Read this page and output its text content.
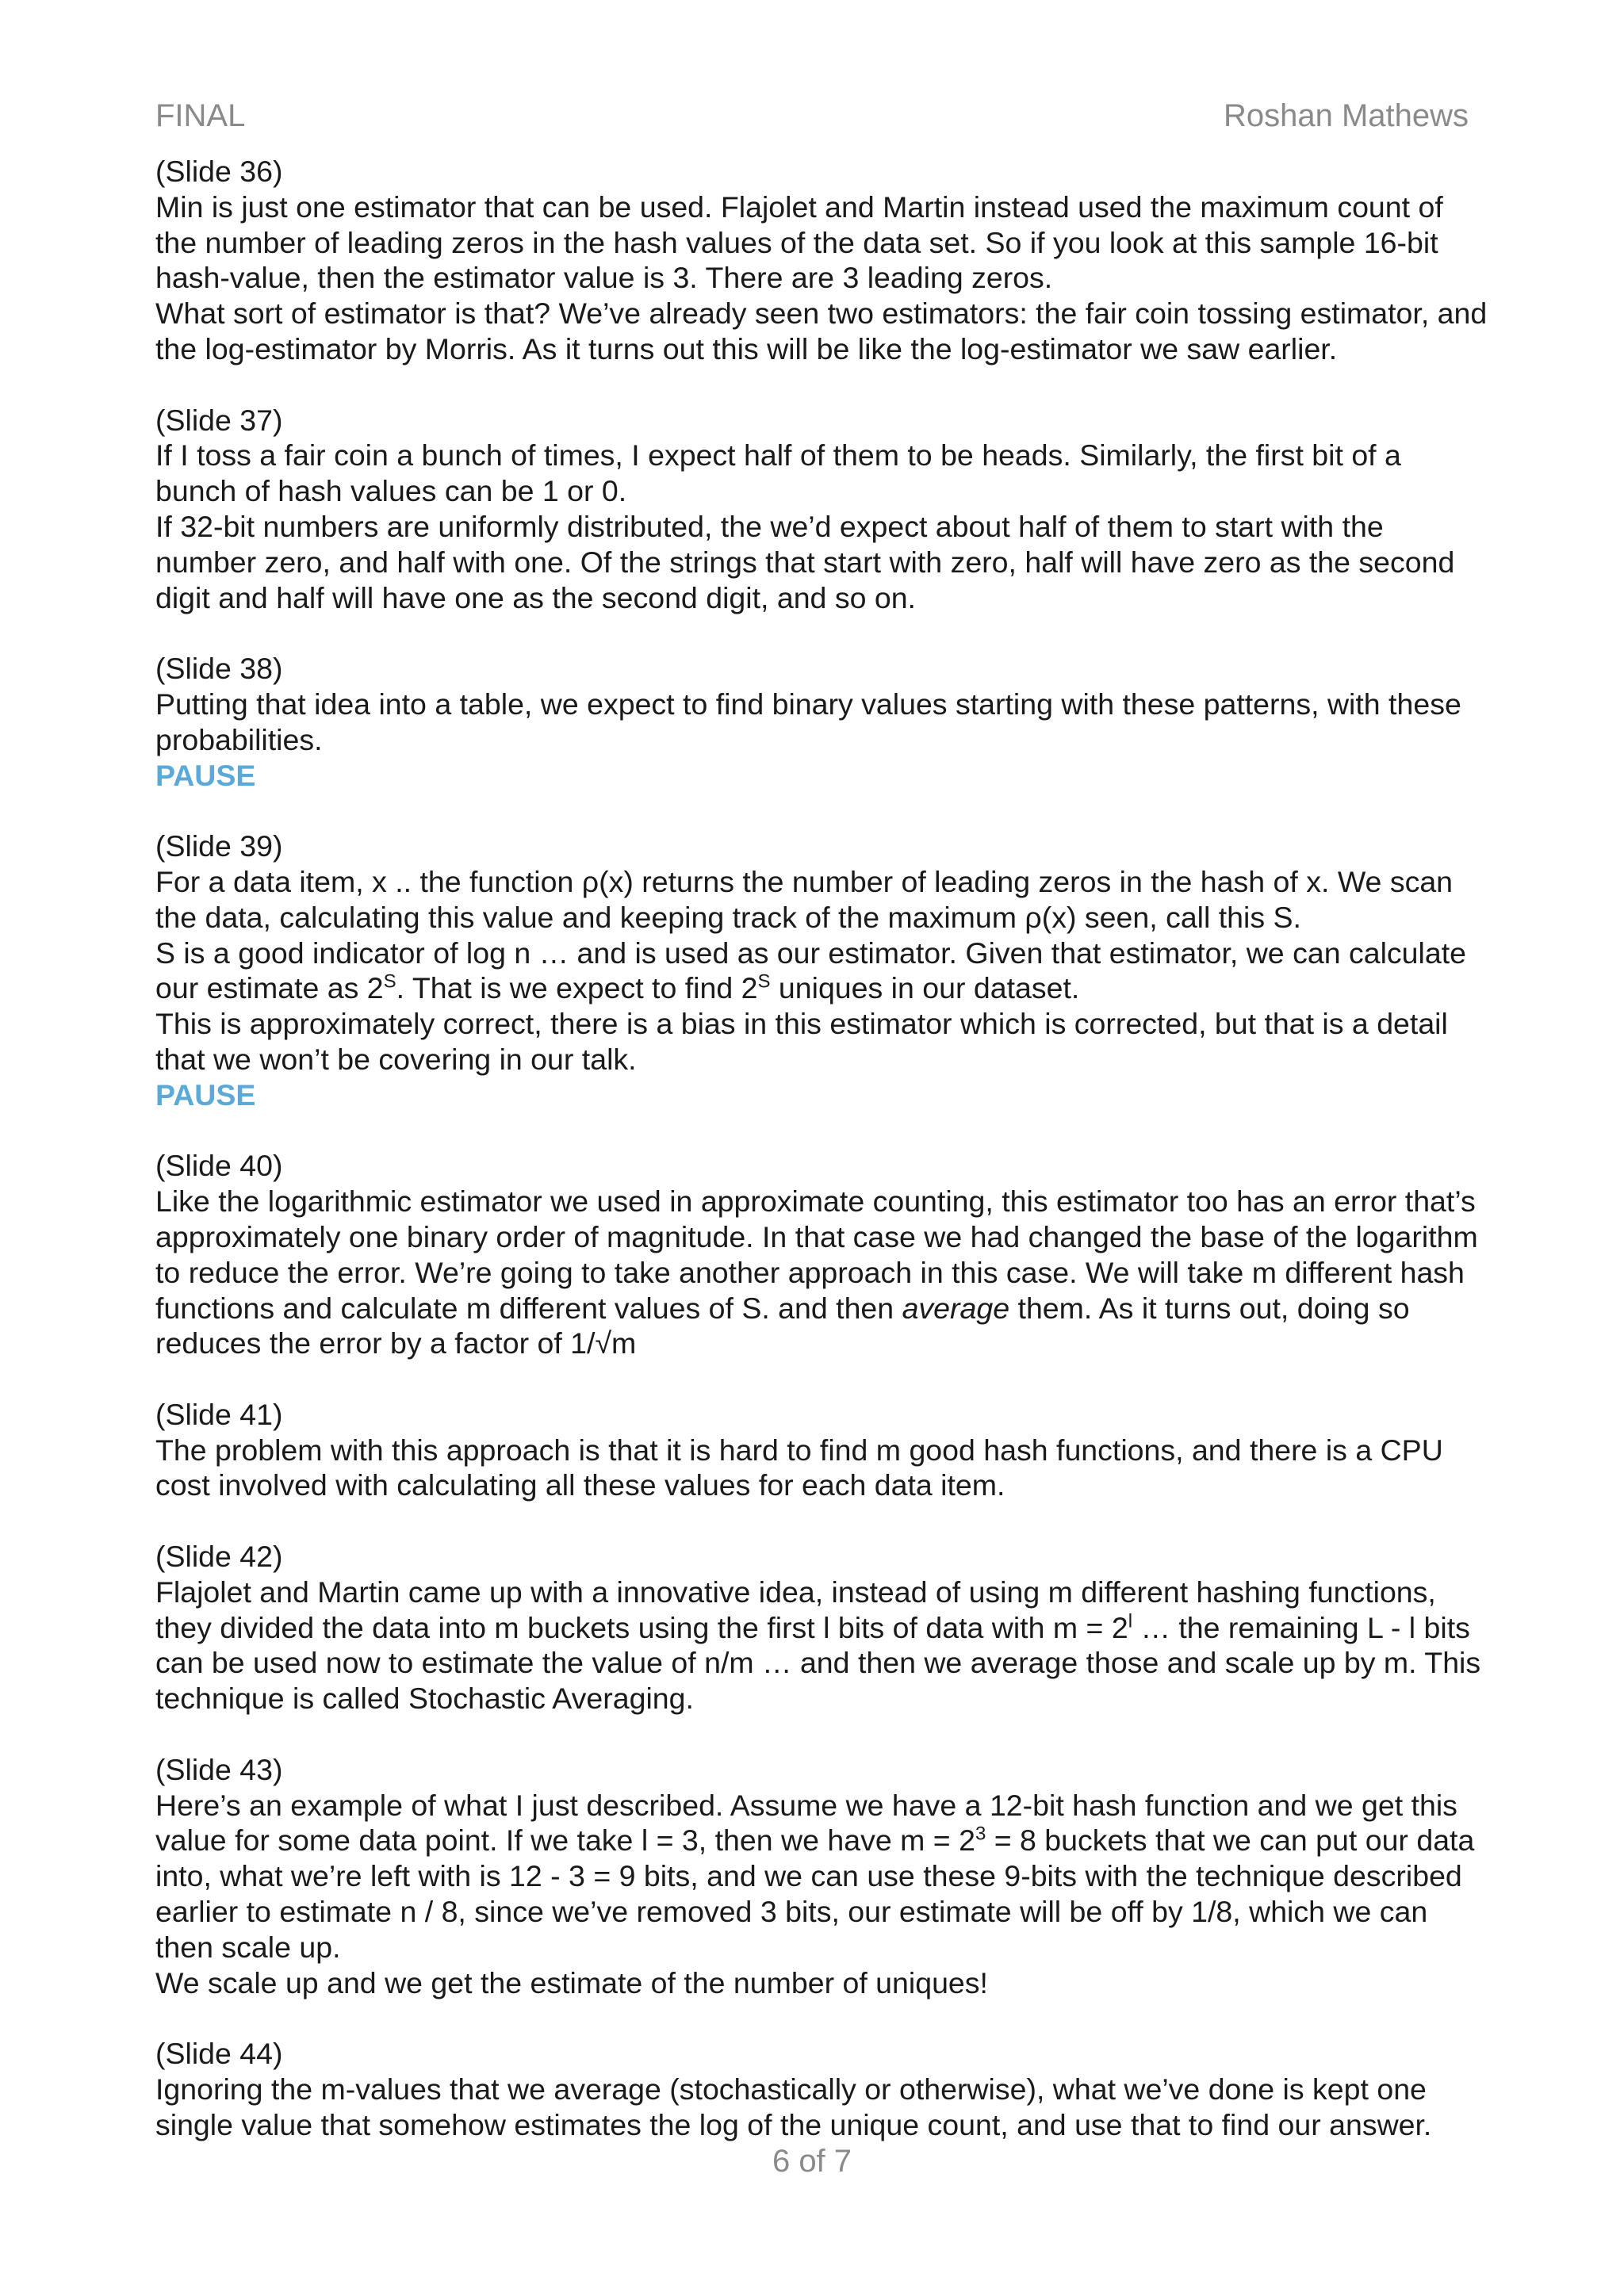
FINAL	Roshan Mathews

(Slide 36)

Min is just one estimator that can be used. Flajolet and Martin instead used the maximum count of the number of leading zeros in the hash values of the data set. So if you look at this sample 16-bit hash-value, then the estimator value is 3. There are 3 leading zeros.

What sort of estimator is that? We’ve already seen two estimators: the fair coin tossing estimator, and the log-estimator by Morris. As it turns out this will be like the log-estimator we saw earlier.

(Slide 37)

If I toss a fair coin a bunch of times, I expect half of them to be heads. Similarly, the first bit of a bunch of hash values can be 1 or 0.

If 32-bit numbers are uniformly distributed, the we’d expect about half of them to start with the number zero, and half with one. Of the strings that start with zero, half will have zero as the second digit and half will have one as the second digit, and so on.

(Slide 38)

Putting that idea into a table, we expect to find binary values starting with these patterns, with these probabilities.

PAUSE

(Slide 39)

For a data item, x .. the function ρ(x) returns the number of leading zeros in the hash of x. We scan the data, calculating this value and keeping track of the maximum ρ(x) seen, call this S.

S is a good indicator of log n … and is used as our estimator. Given that estimator, we can calculate our estimate as $2^S$. That is we expect to find $2^S$ uniques in our dataset.

This is approximately correct, there is a bias in this estimator which is corrected, but that is a detail that we won’t be covering in our talk.

PAUSE

(Slide 40)

Like the logarithmic estimator we used in approximate counting, this estimator too has an error that’s approximately one binary order of magnitude. In that case we had changed the base of the logarithm to reduce the error. We’re going to take another approach in this case. We will take m different hash functions and calculate m different values of S. and then average them. As it turns out, doing so reduces the error by a factor of 1/√m

(Slide 41)

The problem with this approach is that it is hard to find m good hash functions, and there is a CPU cost involved with calculating all these values for each data item.

(Slide 42)

Flajolet and Martin came up with a innovative idea, instead of using m different hashing functions, they divided the data into m buckets using the first l bits of data with $m = 2^l$ … the remaining L - l bits can be used now to estimate the value of n/m … and then we average those and scale up by m. This technique is called Stochastic Averaging.

(Slide 43)

Here’s an example of what I just described. Assume we have a 12-bit hash function and we get this value for some data point. If we take l = 3, then we have $m = 2^3 = 8$ buckets that we can put our data into, what we’re left with is 12 - 3 = 9 bits, and we can use these 9-bits with the technique described earlier to estimate n / 8, since we’ve removed 3 bits, our estimate will be off by 1/8, which we can then scale up.

We scale up and we get the estimate of the number of uniques!

(Slide 44)

Ignoring the m-values that we average (stochastically or otherwise), what we’ve done is kept one single value that somehow estimates the log of the unique count, and use that to find our answer.

6 of 7
